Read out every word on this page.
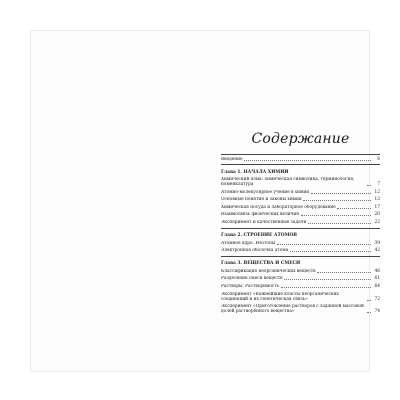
Содержание
Введение	6
Глава 1. НАЧАЛА ХИМИИ
Химический язык: химическая символика, терминология, номенклатура	7
Атомно-молекулярное учение в химии	12
Основные понятия и законы химии	13
Химическая посуда и лабораторное оборудование	17
Взаимосвязь физических величин	20
Эксперимент и качественные задачи	22
Глава 2. СТРОЕНИЕ АТОМОВ
Атомное ядро. Изотопы	39
Электронная оболочка атома	42
Глава 3. ВЕЩЕСТВА И СМЕСИ
Классификация неорганических веществ	46
Разделение смеси веществ	61
Растворы. Растворимость	64
Эксперимент «Важнейшие классы неорганических соединений и их генетическая связь»	72
Эксперимент «Приготовление растворов с заданной массовой долей растворённого вещества»	74
